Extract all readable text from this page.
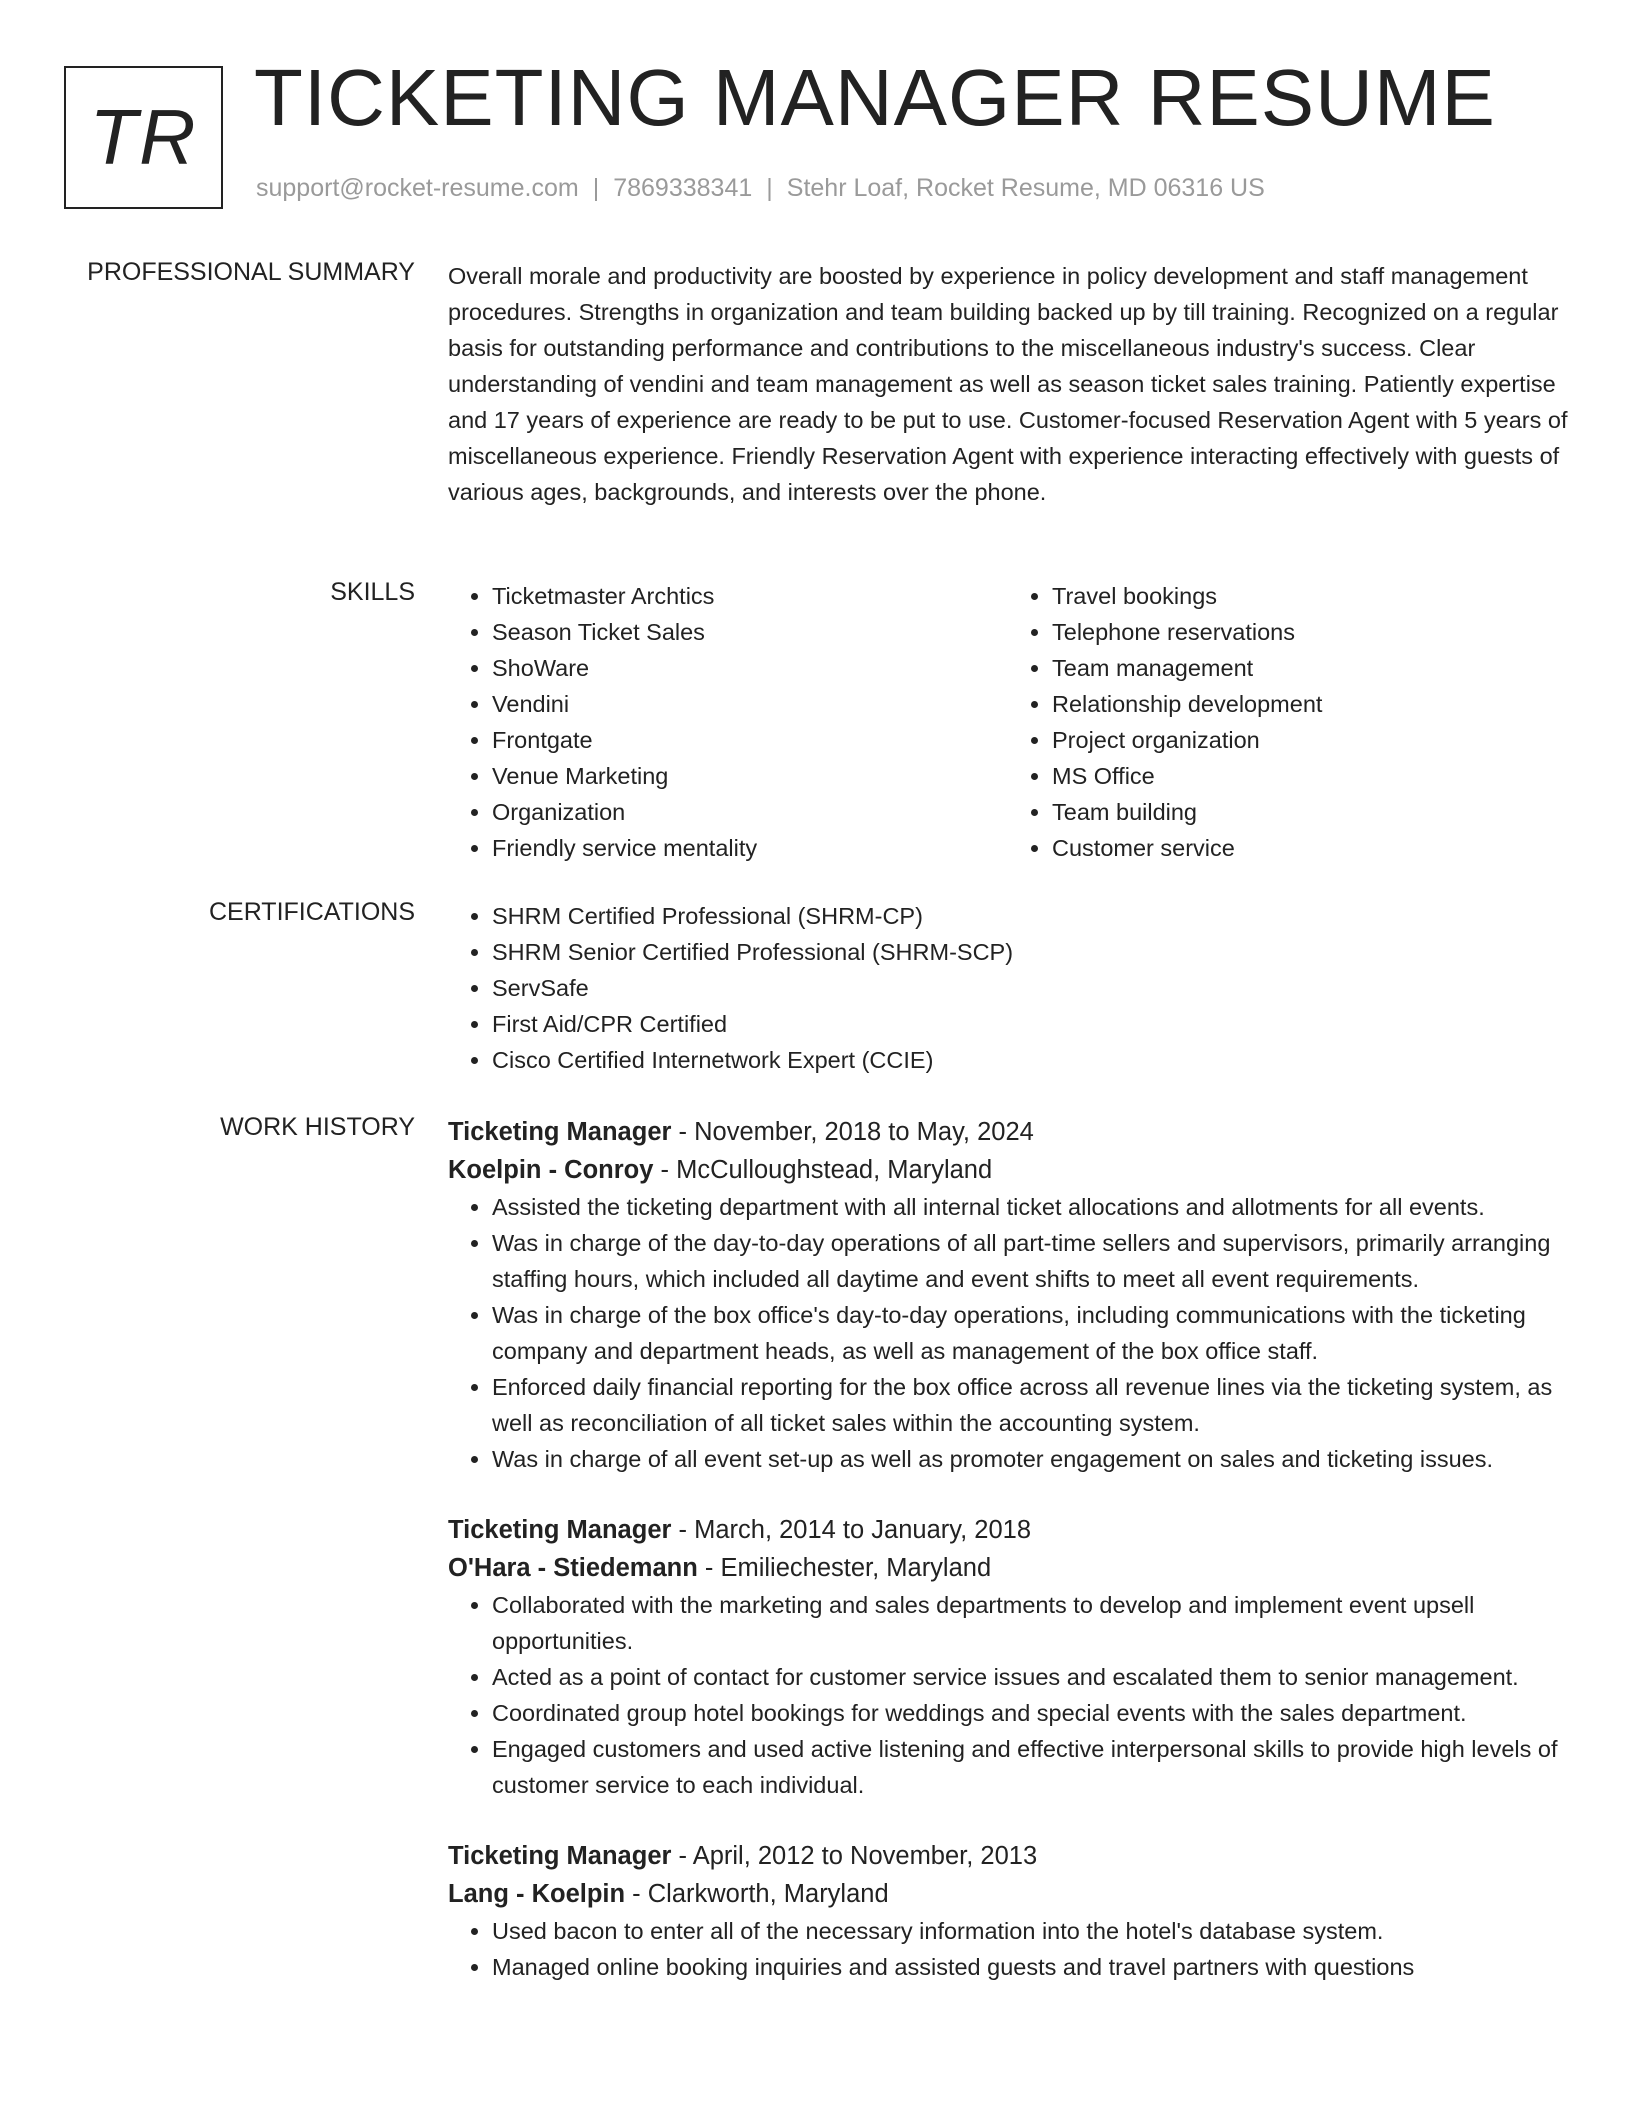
TR TICKETING MANAGER RESUME
support@rocket-resume.com | 7869338341 | Stehr Loaf, Rocket Resume, MD 06316 US
PROFESSIONAL SUMMARY Overall morale and productivity are boosted by experience in policy development and staff management procedures. Strengths in organization and team building backed up by till training. Recognized on a regular basis for outstanding performance and contributions to the miscellaneous industry's success. Clear understanding of vendini and team management as well as season ticket sales training. Patiently expertise and 17 years of experience are ready to be put to use. Customer-focused Reservation Agent with 5 years of miscellaneous experience. Friendly Reservation Agent with experience interacting effectively with guests of various ages, backgrounds, and interests over the phone.

SKILLS	• Ticketmaster Archtics
• Season Ticket Sales
• ShoWare
• Vendini
• Frontgate
• Venue Marketing
• Organization
• Friendly service mentality
• Travel bookings
• Telephone reservations
• Team management
• Relationship development
• Project organization
• MS Office
• Team building
• Customer service
CERTIFICATIONS	• SHRM Certified Professional (SHRM-CP)
• SHRM Senior Certified Professional (SHRM-SCP)
• ServSafe
• First Aid/CPR Certified
• Cisco Certified Internetwork Expert (CCIE)
WORK HISTORY Ticketing Manager - November, 2018 to May, 2024
Koelpin - Conroy - McCulloughstead, Maryland
• Assisted the ticketing department with all internal ticket allocations and allotments for all events.
• Was in charge of the day-to-day operations of all part-time sellers and supervisors, primarily arranging staffing hours, which included all daytime and event shifts to meet all event requirements.
• Was in charge of the box office's day-to-day operations, including communications with the ticketing company and department heads, as well as management of the box office staff.
• Enforced daily financial reporting for the box office across all revenue lines via the ticketing system, as well as reconciliation of all ticket sales within the accounting system.
• Was in charge of all event set-up as well as promoter engagement on sales and ticketing issues.
Ticketing Manager - March, 2014 to January, 2018
O'Hara - Stiedemann - Emiliechester, Maryland
• Collaborated with the marketing and sales departments to develop and implement event upsell opportunities.
• Acted as a point of contact for customer service issues and escalated them to senior management.
• Coordinated group hotel bookings for weddings and special events with the sales department.
• Engaged customers and used active listening and effective interpersonal skills to provide high levels of customer service to each individual.
Ticketing Manager - April, 2012 to November, 2013
Lang - Koelpin - Clarkworth, Maryland
• Used bacon to enter all of the necessary information into the hotel's database system.
• Managed online booking inquiries and assisted guests and travel partners with questions
